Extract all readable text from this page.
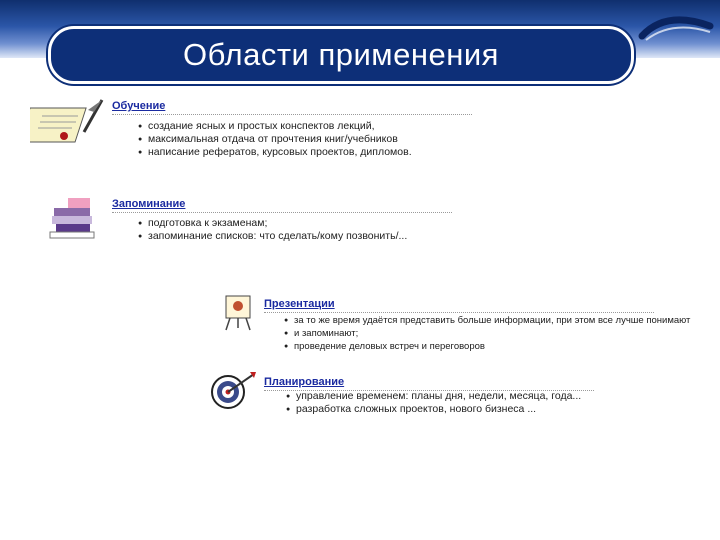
Области применения
Обучение
● создание ясных и простых конспектов лекций,
● максимальная отдача от прочтения книг/учебников
● написание рефератов, курсовых проектов, дипломов.
Запоминание
● подготовка к экзаменам;
● запоминание списков: что сделать/кому позвонить/...
Презентации
● за то же время удаётся представить больше информации, при этом все лучше понимают
● и запоминают;
● проведение деловых встреч и переговоров
Планирование
● управление временем: планы дня, недели, месяца, года...
● разработка сложных проектов, нового бизнеса ...
